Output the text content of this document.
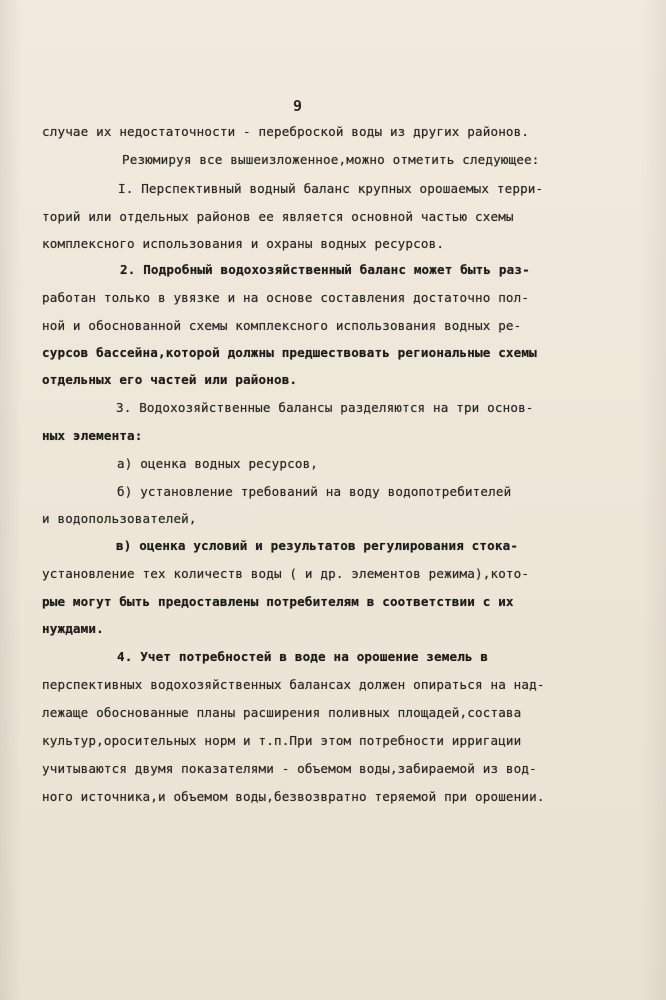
9
случае их недостаточности - переброской воды из других районов.
Резюмируя все вышеизложенное,можно отметить следующее:
I. Перспективный водный баланс крупных орошаемых терри-
торий или отдельных районов ее является основной частью схемы
комплексного использования и охраны водных ресурсов.
2. Подробный водохозяйственный баланс может быть раз-
работан только в увязке и на основе составления достаточно пол-
ной и обоснованной схемы комплексного использования водных ре-
сурсов бассейна,которой должны предшествовать региональные схемы
отдельных его частей или районов.
3. Водохозяйственные балансы разделяются на три основ-
ных элемента:
а) оценка водных ресурсов,
б) установление требований на воду водопотребителей
и водопользователей,
в) оценка условий и результатов регулирования стока-
установление тех количеств воды ( и др. элементов режима),кото-
рые могут быть предоставлены потребителям в соответствии с их
нуждами.
4. Учет потребностей в воде на орошение земель в
перспективных водохозяйственных балансах должен опираться на над-
лежаще обоснованные планы расширения поливных площадей,состава
культур,оросительных норм и т.п.При этом потребности ирригации
учитываются двумя показателями - объемом воды,забираемой из вод-
ного источника,и объемом воды,безвозвратно теряемой при орошении.
